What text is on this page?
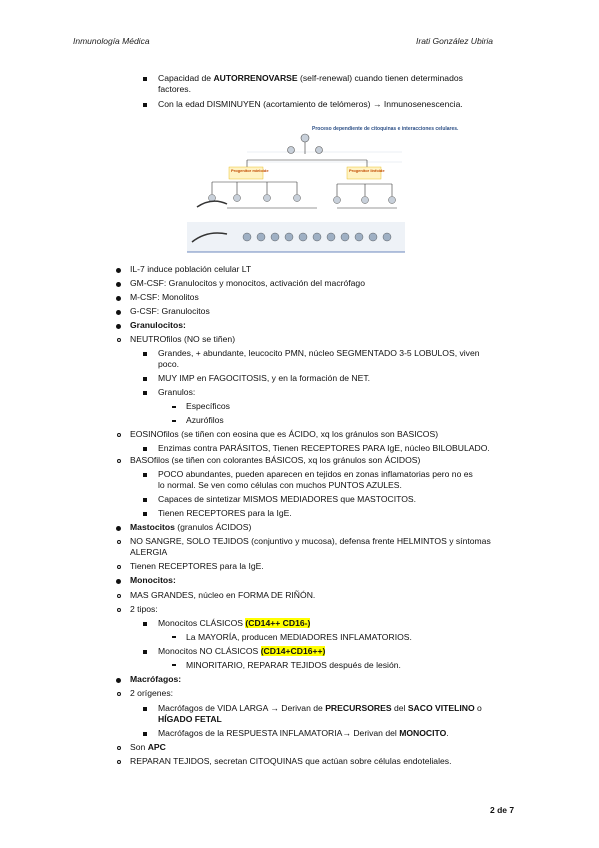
Inmunología Médica	Irati González Ubiria
Capacidad de AUTORRENOVARSE (self-renewal) cuando tienen determinados
factores.
Con la edad DISMINUYEN (acortamiento de telómeros) → Inmunosenescencia.
Proceso dependiente de citoquinas e interacciones celulares.
Progenitor mieloide	Progenitor linfoide
IL-7 induce población celular LT
GM-CSF: Granulocitos y monocitos, activación del macrófago
M-CSF: Monolitos
G-CSF: Granulocitos
Granulocitos:
NEUTROfilos (NO se tiñen)
Grandes, + abundante, leucocito PMN, núcleo SEGMENTADO 3-5 LOBULOS, viven
poco.
MUY IMP en FAGOCITOSIS, y en la formación de NET.
Granulos:
Específicos
Azurófilos
EOSINOfilos (se tiñen con eosina que es ÁCIDO, xq los gránulos son BASICOS)
Enzimas contra PARÁSITOS, Tienen RECEPTORES PARA IgE, núcleo BILOBULADO.
BASOfilos (se tiñen con colorantes BÁSICOS, xq los gránulos son ÁCIDOS)
POCO abundantes, pueden aparecen en tejidos en zonas inflamatorias pero no es
lo normal. Se ven como células con muchos PUNTOS AZULES.
Capaces de sintetizar MISMOS MEDIADORES que MASTOCITOS.
Tienen RECEPTORES para la IgE.
Mastocitos (granulos ÁCIDOS)
NO SANGRE, SOLO TEJIDOS (conjuntivo y mucosa), defensa frente HELMINTOS y síntomas
ALERGIA
Tienen RECEPTORES para la IgE.
Monocitos:
MAS GRANDES, núcleo en FORMA DE RIÑÓN.
2 tipos:
Monocitos CLÁSICOS (CD14++ CD16-)
La MAYORÍA, producen MEDIADORES INFLAMATORIOS.
Monocitos NO CLÁSICOS (CD14+CD16++)
MINORITARIO, REPARAR TEJIDOS después de lesión.
Macrófagos:
2 orígenes:
Macrófagos de VIDA LARGA → Derivan de PRECURSORES del SACO VITELINO o
HÍGADO FETAL
Macrófagos de la RESPUESTA INFLAMATORIA→ Derivan del MONOCITO.
Son APC
REPARAN TEJIDOS, secretan CITOQUINAS que actúan sobre células endoteliales.
2 de 7
